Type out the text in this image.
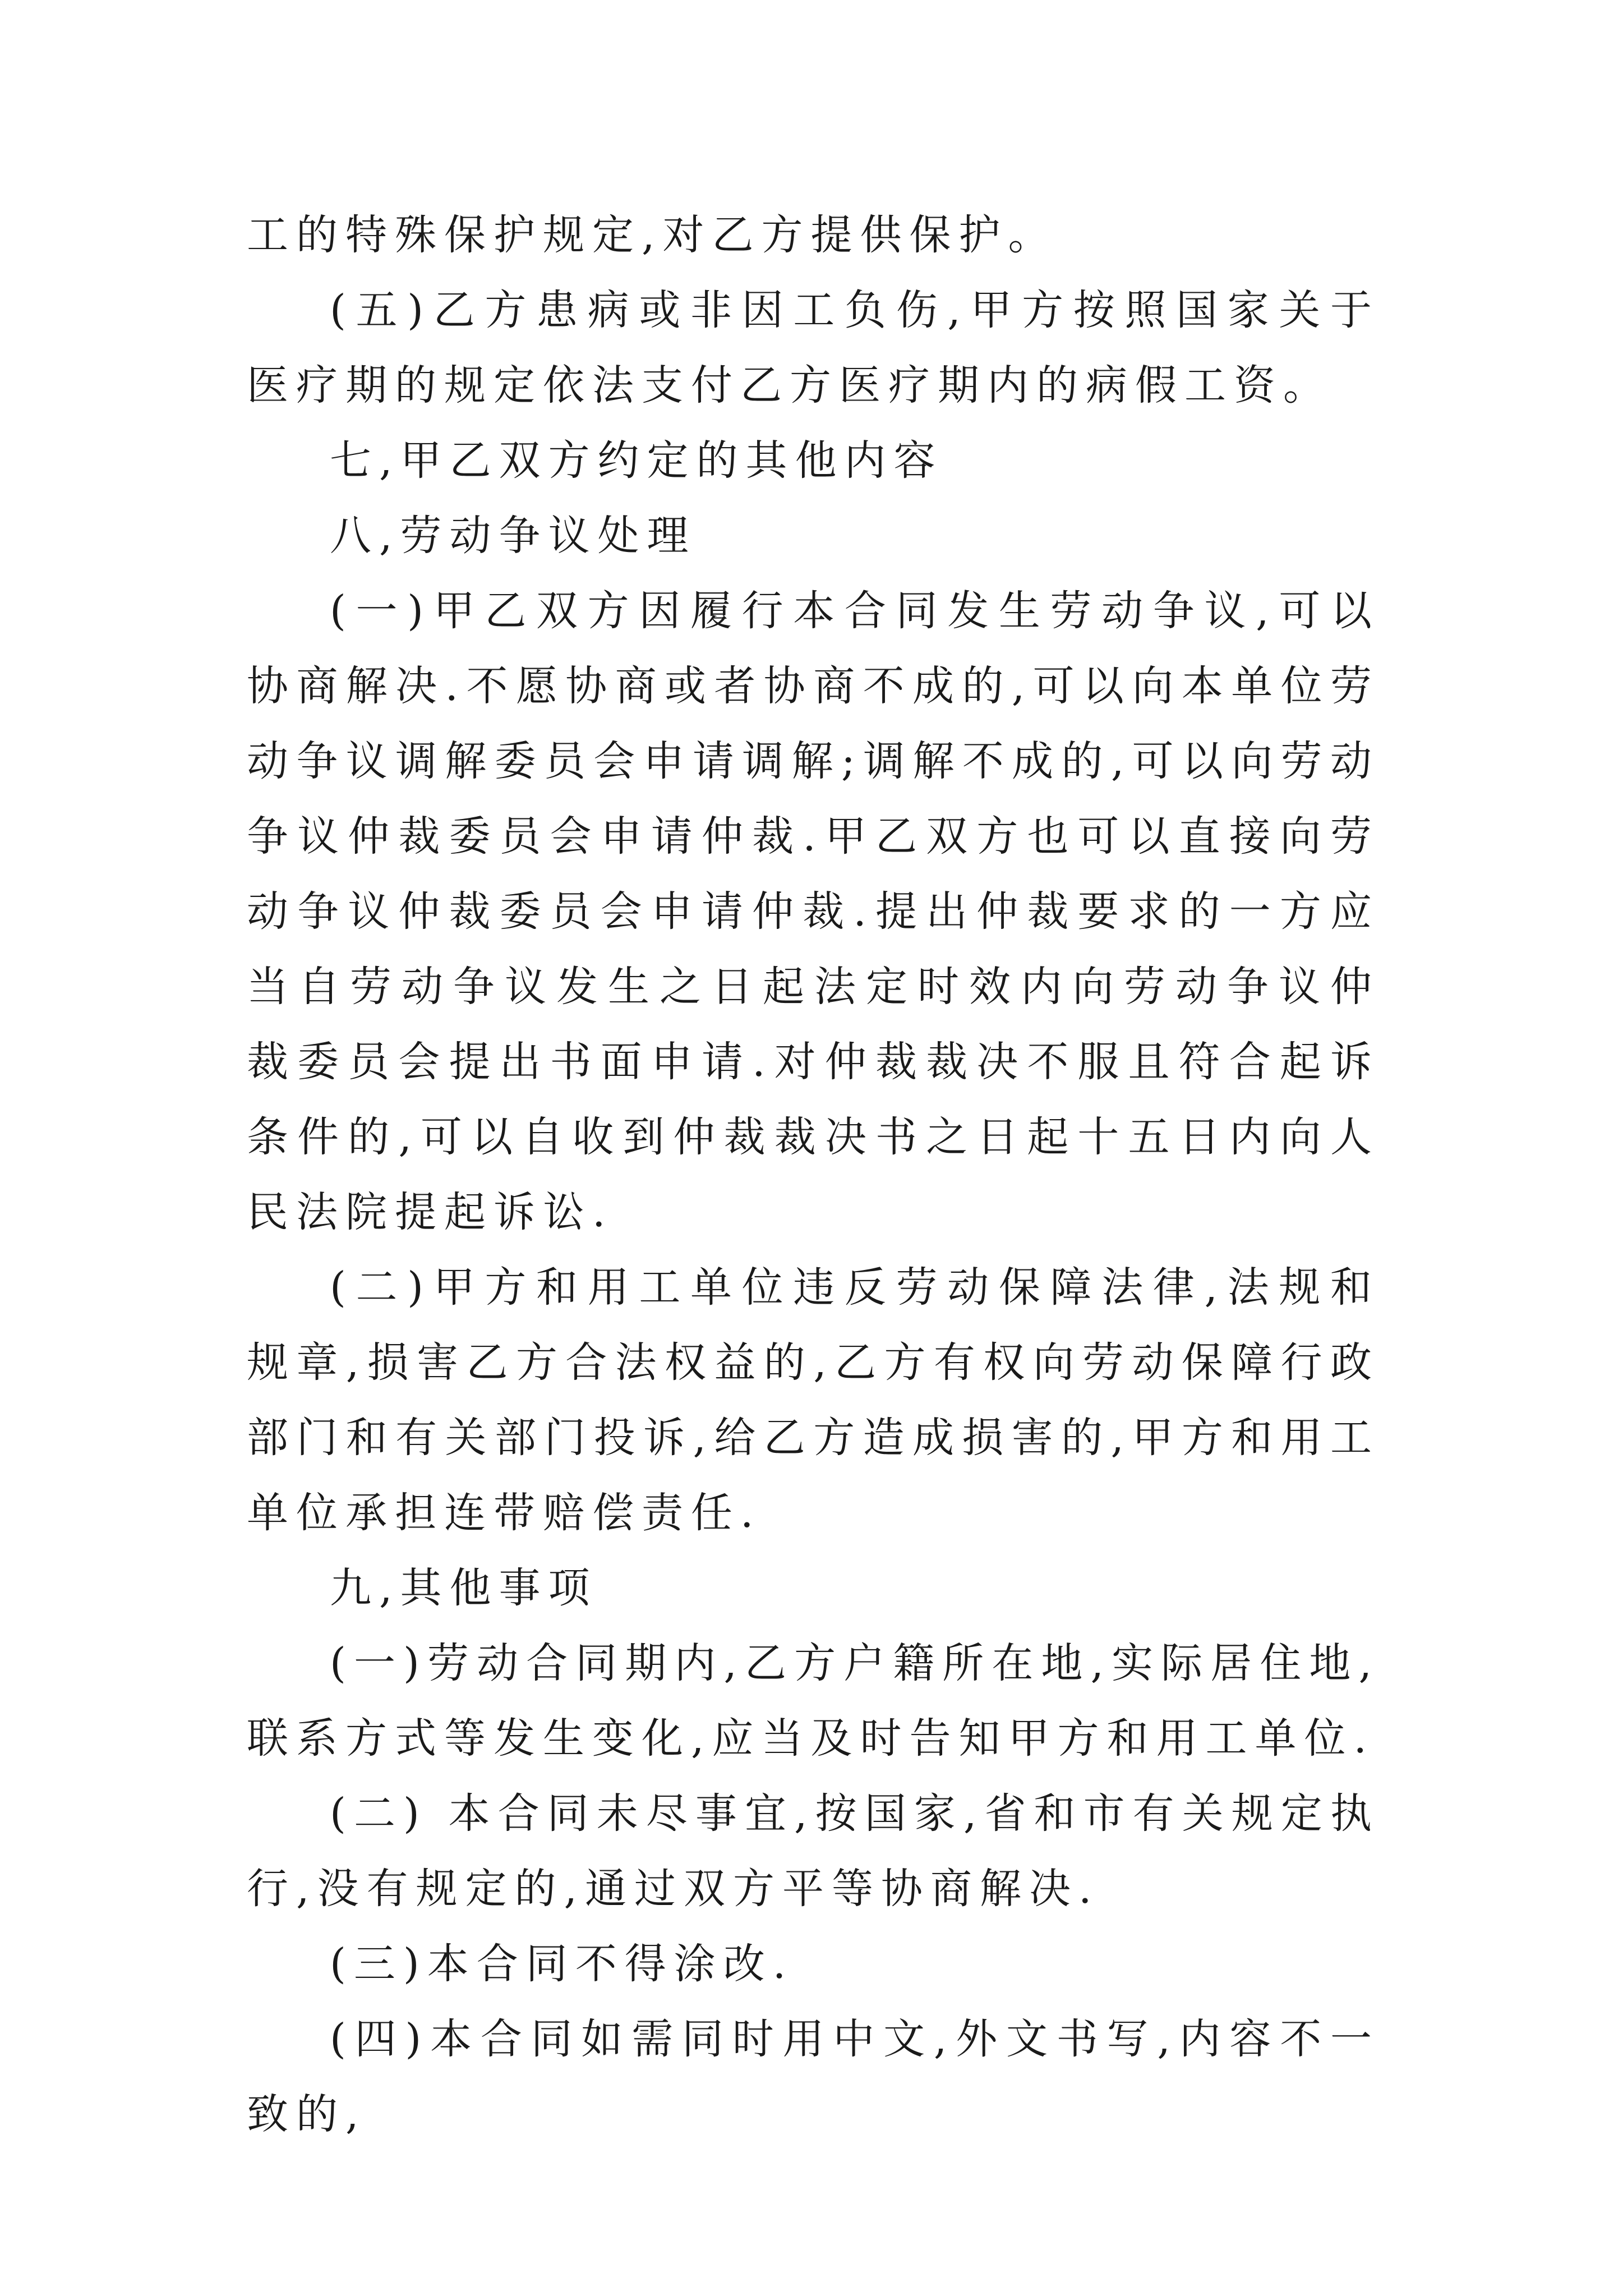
工的特殊保护规定,对乙方提供保护。

(五)乙方患病或非因工负伤,甲方按照国家关于医疗期的规定依法支付乙方医疗期内的病假工资。

七,甲乙双方约定的其他内容

八,劳动争议处理

(一)甲乙双方因履行本合同发生劳动争议,可以协商解决.不愿协商或者协商不成的,可以向本单位劳动争议调解委员会申请调解;调解不成的,可以向劳动争议仲裁委员会申请仲裁.甲乙双方也可以直接向劳动争议仲裁委员会申请仲裁.提出仲裁要求的一方应当自劳动争议发生之日起法定时效内向劳动争议仲裁委员会提出书面申请.对仲裁裁决不服且符合起诉条件的,可以自收到仲裁裁决书之日起十五日内向人民法院提起诉讼.

(二)甲方和用工单位违反劳动保障法律,法规和规章,损害乙方合法权益的,乙方有权向劳动保障行政部门和有关部门投诉,给乙方造成损害的,甲方和用工单位承担连带赔偿责任.

九,其他事项

(一)劳动合同期内,乙方户籍所在地,实际居住地,联系方式等发生变化,应当及时告知甲方和用工单位.

(二) 本合同未尽事宜,按国家,省和市有关规定执行,没有规定的,通过双方平等协商解决.

(三)本合同不得涂改.

(四)本合同如需同时用中文,外文书写,内容不一致的,
